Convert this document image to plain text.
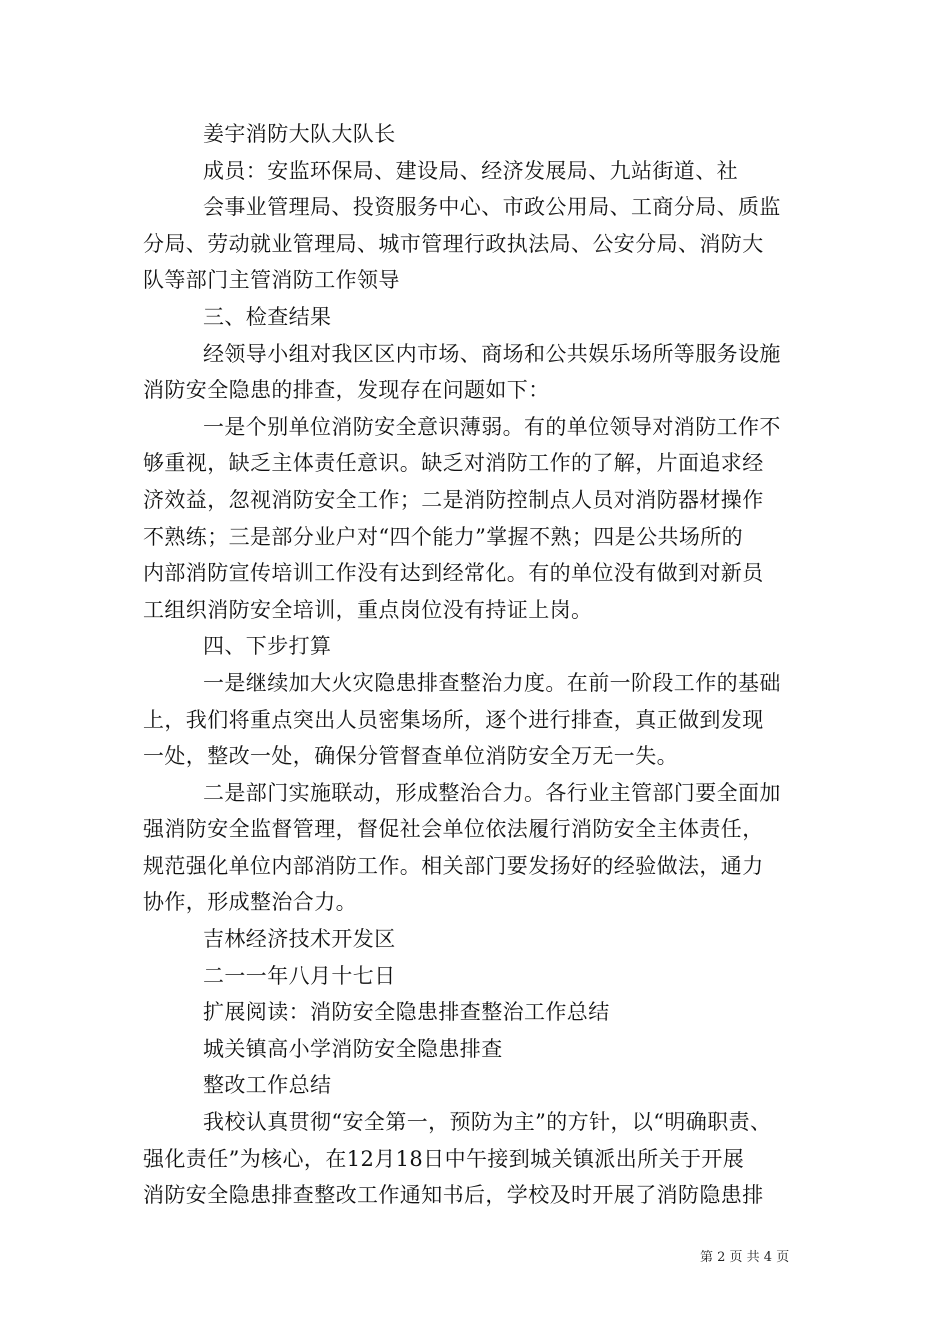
姜宇消防大队大队长

成员：安监环保局、建设局、经济发展局、九站街道、社

会事业管理局、投资服务中心、市政公用局、工商分局、质监

分局、劳动就业管理局、城市管理行政执法局、公安分局、消防大

队等部门主管消防工作领导

三、检查结果

经领导小组对我区区内市场、商场和公共娱乐场所等服务设施

消防安全隐患的排查，发现存在问题如下：

一是个别单位消防安全意识薄弱。有的单位领导对消防工作不

够重视，缺乏主体责任意识。缺乏对消防工作的了解，片面追求经

济效益，忽视消防安全工作；二是消防控制点人员对消防器材操作

不熟练；三是部分业户对“四个能力”掌握不熟；四是公共场所的

内部消防宣传培训工作没有达到经常化。有的单位没有做到对新员

工组织消防安全培训，重点岗位没有持证上岗。

四、下步打算

一是继续加大火灾隐患排查整治力度。在前一阶段工作的基础

上，我们将重点突出人员密集场所，逐个进行排查，真正做到发现

一处，整改一处，确保分管督查单位消防安全万无一失。

二是部门实施联动，形成整治合力。各行业主管部门要全面加

强消防安全监督管理，督促社会单位依法履行消防安全主体责任，

规范强化单位内部消防工作。相关部门要发扬好的经验做法，通力

协作，形成整治合力。

吉林经济技术开发区

二一一年八月十七日

扩展阅读：消防安全隐患排查整治工作总结

城关镇高小学消防安全隐患排查

整改工作总结

我校认真贯彻“安全第一，预防为主”的方针，以“明确职责、

强化责任”为核心，在12月18日中午接到城关镇派出所关于开展

消防安全隐患排查整改工作通知书后，学校及时开展了消防隐患排

第 2 页 共 4 页
